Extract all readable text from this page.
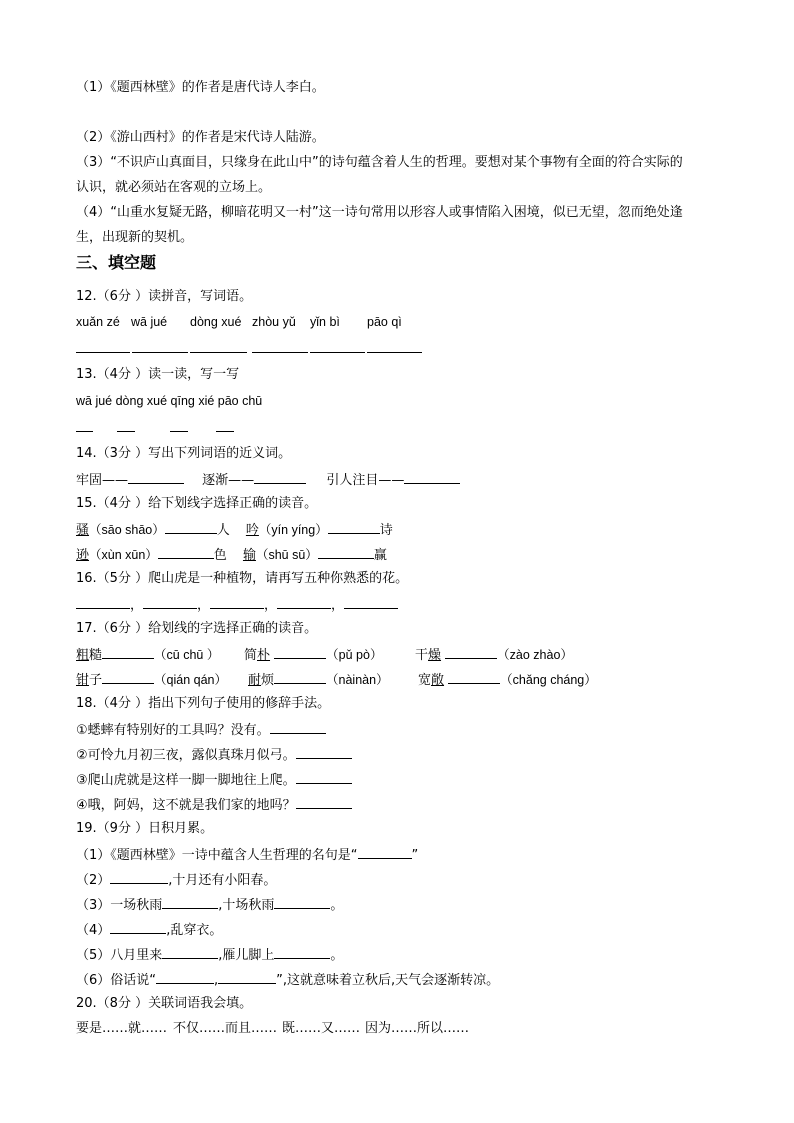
（1）《题西林壁》的作者是唐代诗人李白。
（2）《游山西村》的作者是宋代诗人陆游。
（3）“不识庐山真面目，只缘身在此山中”的诗句蕴含着人生的哲理。要想对某个事物有全面的符合实际的
认识，就必须站在客观的立场上。
（4）“山重水复疑无路，柳暗花明又一村”这一诗句常用以形容人或事情陷入困境，似已无望，忽而绝处逢
生，出现新的契机。
三、填空题
12.（6分 ）读拼音，写词语。
xuǎn zé wā jué dòng xué zhòu yǔ yǐn bì pāo qì
13.（4分 ）读一读，写一写
wā jué dòng xué qīng xié pāo chū
14.（3分 ）写出下列词语的近义词。
牢固——	逐渐——	引人注目——
15.（4分 ）给下划线字选择正确的读音。
骚（sāo shāo）	人 吟（yín yíng）	诗
逊（xùn xūn）	色 输（shū sū）	赢
16.（5分 ）爬山虎是一种植物，请再写五种你熟悉的花。
，	，	，	，
17.（6分 ）给划线的字选择正确的读音。
粗糙	（cū chū ） 简朴	（pǔ pò）	干燥	（zào zhào）
钳子	（qián qán） 耐烦	（nàinàn） 宽敞	（chǎng cháng）
18.（4分 ）指出下列句子使用的修辞手法。
①蟋蟀有特别好的工具吗？没有。
②可怜九月初三夜，露似真珠月似弓。
③爬山虎就是这样一脚一脚地往上爬。
④哦，阿妈，这不就是我们家的地吗？
19.（9分 ）日积月累。
（1）《题西林壁》一诗中蕴含人生哲理的名句是“	”
（2）	,十月还有小阳春。
（3）一场秋雨	,十场秋雨	。
（4）	,乱穿衣。
（5）八月里来	,雁儿脚上	。
（6）俗话说“	,	”,这就意味着立秋后,天气会逐渐转凉。
20.（8分 ）关联词语我会填。
要是……就…… 不仅……而且…… 既……又…… 因为……所以……
